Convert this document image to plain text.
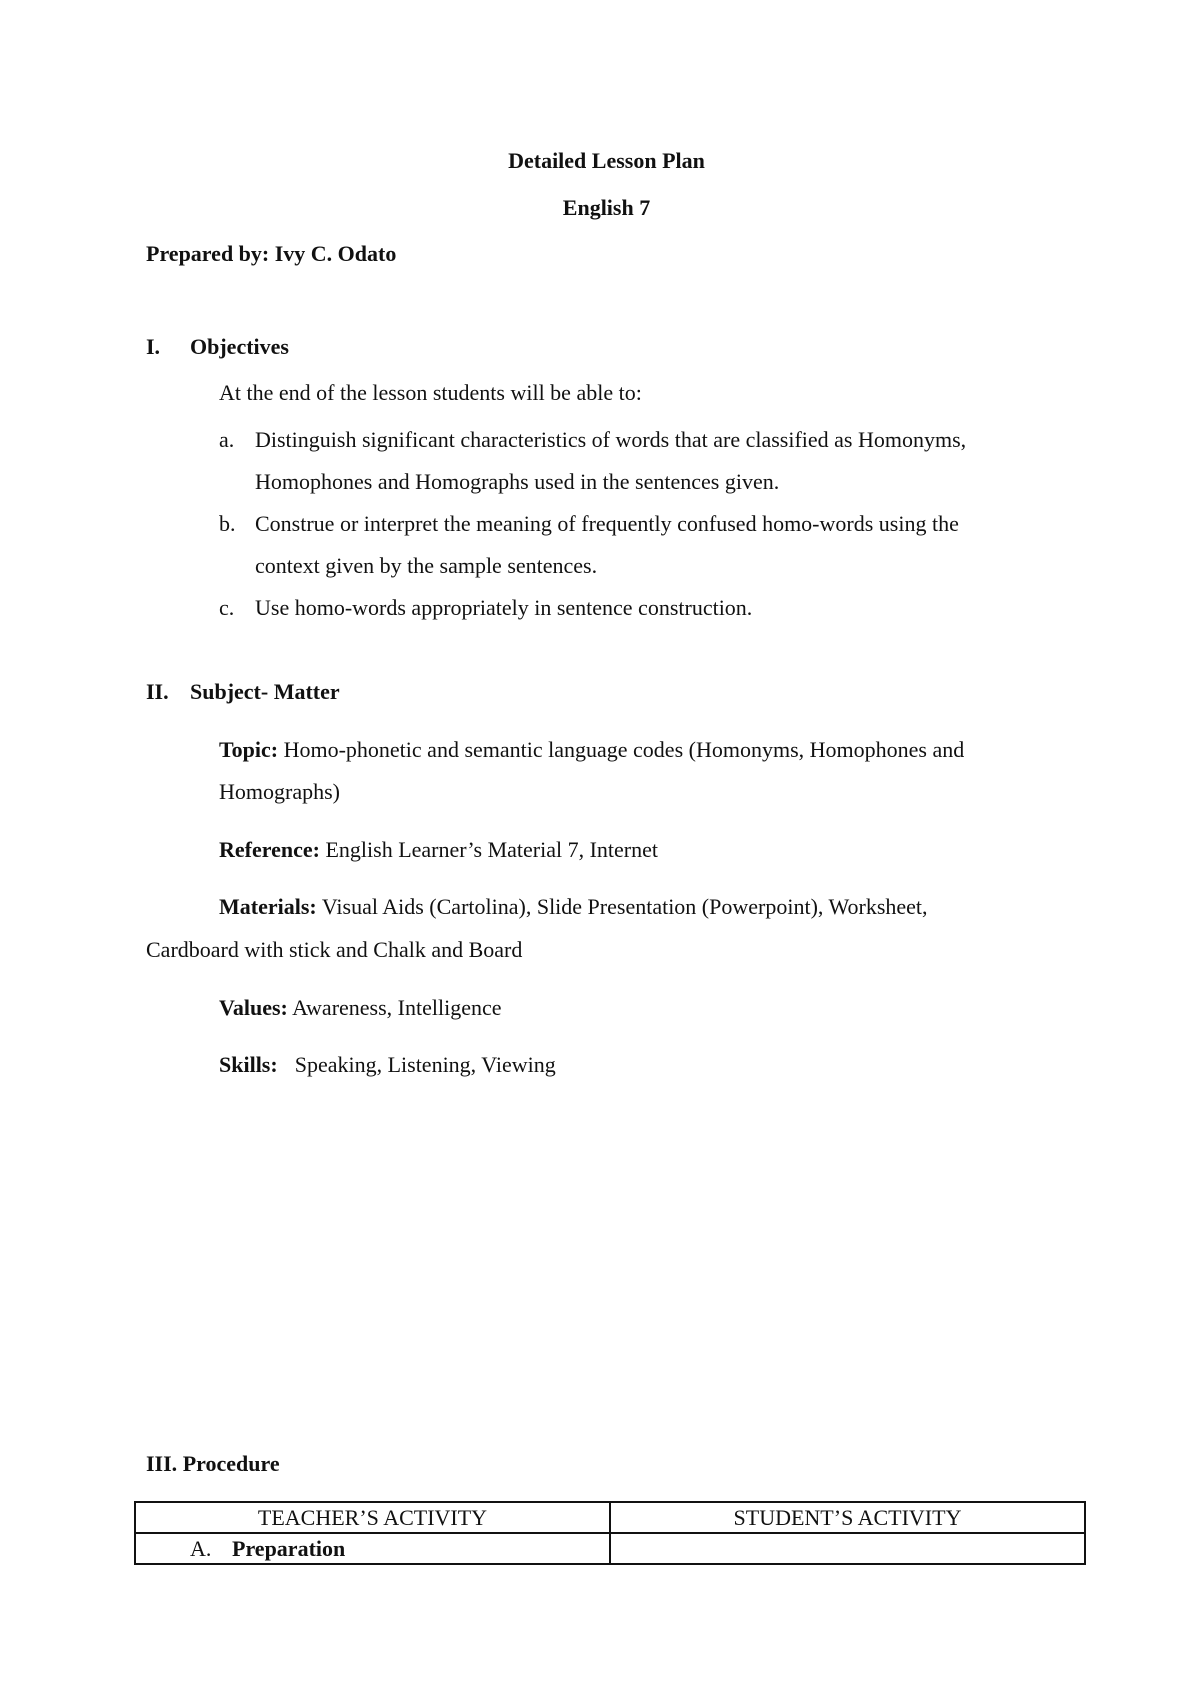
Detailed Lesson Plan
English 7
Prepared by: Ivy C. Odato
I. Objectives
At the end of the lesson students will be able to:
a. Distinguish significant characteristics of words that are classified as Homonyms,
Homophones and Homographs used in the sentences given.
b. Construe or interpret the meaning of frequently confused homo-words using the
context given by the sample sentences.
c. Use homo-words appropriately in sentence construction.
II. Subject- Matter
Topic: Homo-phonetic and semantic language codes (Homonyms, Homophones and
Homographs)
Reference: English Learner’s Material 7, Internet
Materials: Visual Aids (Cartolina), Slide Presentation (Powerpoint), Worksheet,
Cardboard with stick and Chalk and Board
Values: Awareness, Intelligence
Skills: Speaking, Listening, Viewing
III. Procedure
TEACHER’S ACTIVITY	STUDENT’S ACTIVITY
A. Preparation	
